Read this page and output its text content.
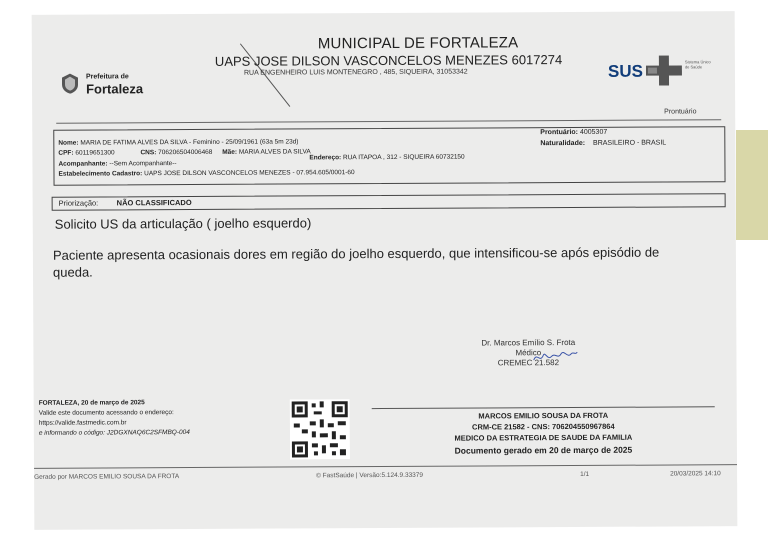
Prefeitura de
Fortaleza
MUNICIPAL DE FORTALEZA
UAPS JOSE DILSON VASCONCELOS MENEZES 6017274
RUA ENGENHEIRO LUIS MONTENEGRO , 485, SIQUEIRA, 31053342	SUS	Sistema Único de Saúde
Prontuário
Nome: MARIA DE FATIMA ALVES DA SILVA - Feminino - 25/09/1961 (63a 5m 23d)
CPF: 60119651300	CNS: 706206504006468 Mãe: MARIA ALVES DA SILVA
Acompanhante: --Sem Acompanhante--
Endereço: RUA ITAPOA , 312 - SIQUEIRA 60732150
Estabelecimento Cadastro: UAPS JOSE DILSON VASCONCELOS MENEZES - 07.954.605/0001-60
Prontuário: 4005307
Naturalidade: BRASILEIRO - BRASIL
Priorização: NÃO CLASSIFICADO
Solicito US da articulação ( joelho esquerdo)
Paciente apresenta ocasionais dores em região do joelho esquerdo, que intensificou-se após episódio de queda.
Dr. Marcos Emílio S. Frota
Médico
CREMEC 21.582
FORTALEZA, 20 de março de 2025
Valide este documento acessando o endereço:
https://valide.fastmedic.com.br
e informando o código: J2DGXNAQ6C2SFMBQ-004
MARCOS EMILIO SOUSA DA FROTA
CRM-CE 21582 - CNS: 706204550967864
MEDICO DA ESTRATEGIA DE SAUDE DA FAMILIA
Documento gerado em 20 de março de 2025
Gerado por MARCOS EMILIO SOUSA DA FROTA	© FastSaúde | Versão:5.124.9.33379	1/1	20/03/2025 14:10
